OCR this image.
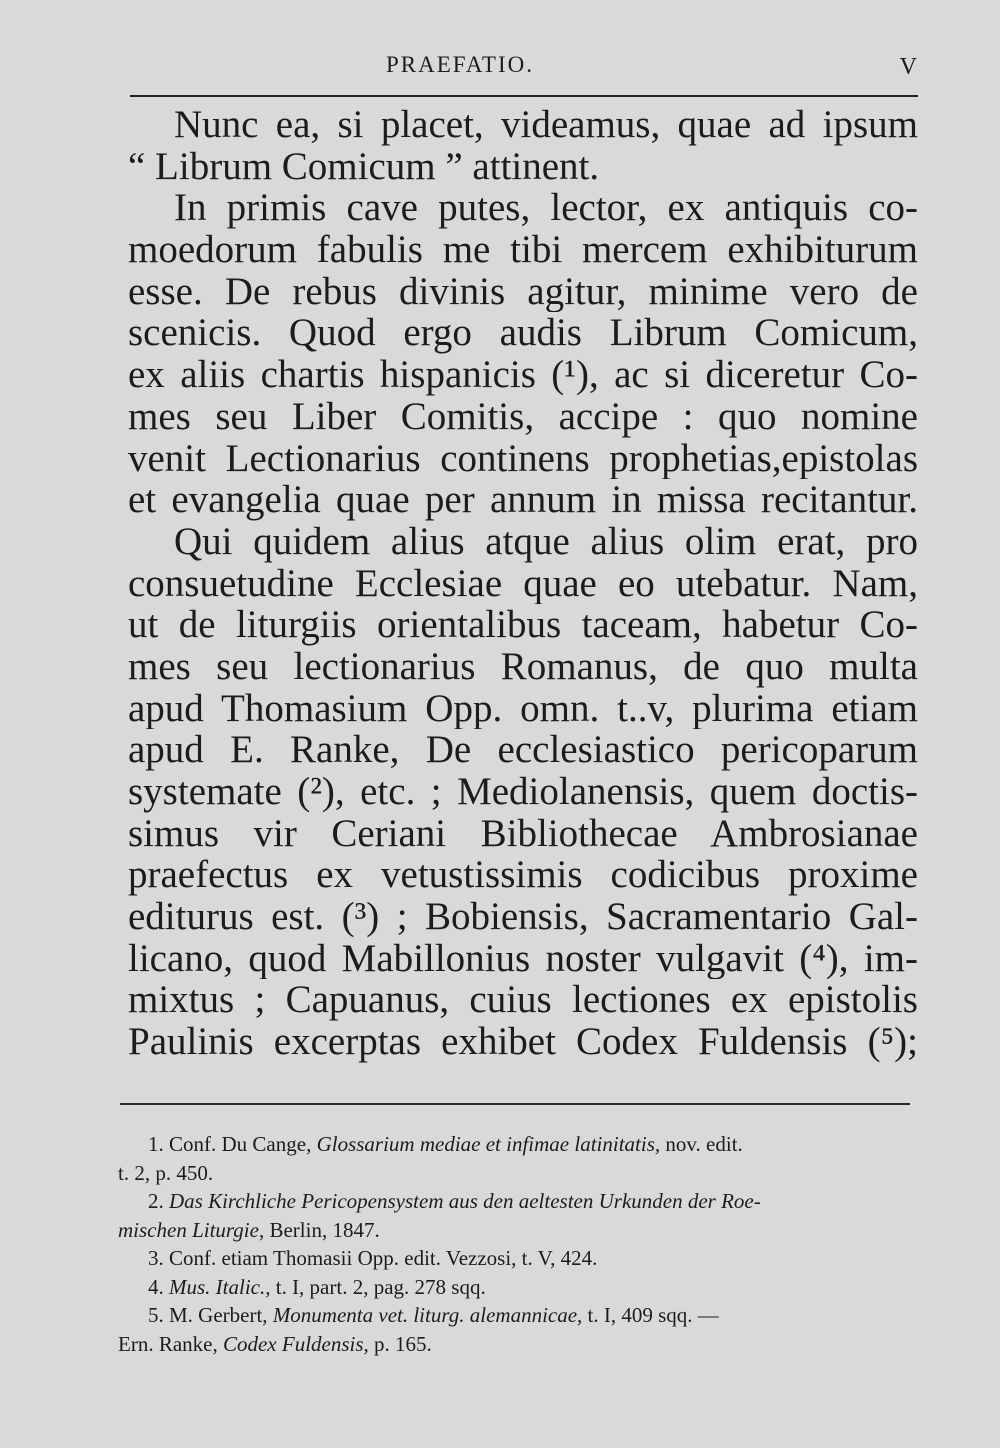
PRAEFATIO.	V
Nunc ea, si placet, videamus, quae ad ipsum
“ Librum Comicum ” attinent.
In primis cave putes, lector, ex antiquis co-
moedorum fabulis me tibi mercem exhibiturum
esse. De rebus divinis agitur, minime vero de
scenicis. Quod ergo audis Librum Comicum,
ex aliis chartis hispanicis (¹), ac si diceretur Co-
mes seu Liber Comitis, accipe : quo nomine
venit Lectionarius continens prophetias,epistolas
et evangelia quae per annum in missa recitantur.
Qui quidem alius atque alius olim erat, pro
consuetudine Ecclesiae quae eo utebatur. Nam,
ut de liturgiis orientalibus taceam, habetur Co-
mes seu lectionarius Romanus, de quo multa
apud Thomasium Opp. omn. t..v, plurima etiam
apud E. Ranke, De ecclesiastico pericoparum
systemate (²), etc. ; Mediolanensis, quem doctis-
simus vir Ceriani Bibliothecae Ambrosianae
praefectus ex vetustissimis codicibus proxime
editurus est. (³) ; Bobiensis, Sacramentario Gal-
licano, quod Mabillonius noster vulgavit (⁴), im-
mixtus ; Capuanus, cuius lectiones ex epistolis
Paulinis excerptas exhibet Codex Fuldensis (⁵);
1. Conf. Du Cange, Glossarium mediae et infimae latinitatis, nov. edit.
t. 2, p. 450.
2. Das Kirchliche Pericopensystem aus den aeltesten Urkunden der Roe-
mischen Liturgie, Berlin, 1847.
3. Conf. etiam Thomasii Opp. edit. Vezzosi, t. V, 424.
4. Mus. Italic., t. I, part. 2, pag. 278 sqq.
5. M. Gerbert, Monumenta vet. liturg. alemannicae, t. I, 409 sqq. —
Ern. Ranke, Codex Fuldensis, p. 165.
